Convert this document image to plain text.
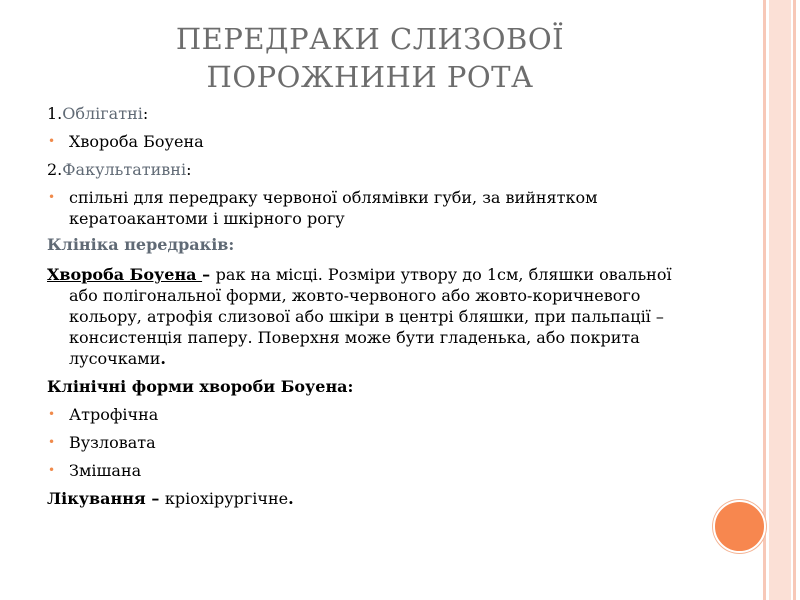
ПЕРЕДРАКИ СЛИЗОВОЇ
ПОРОЖНИНИ РОТА

1.Облігатні:

• Хвороба Боуена

2.Факультативні:

• спільні для передраку червоної облямівки губи, за вийнятком кератоакантоми і шкірного рогу

Клініка передраків:

Хвороба Боуена – рак на місці. Розміри утвору до 1см, бляшки овальної або полігональної форми, жовто-червоного або жовто-коричневого кольору, атрофія слизової або шкіри в центрі бляшки, при пальпації – консистенція паперу. Поверхня може бути гладенька, або покрита лусочками.

Клінічні форми хвороби Боуена:

• Атрофічна

• Вузловата

• Змішана

Лікування – кріохірургічне.
